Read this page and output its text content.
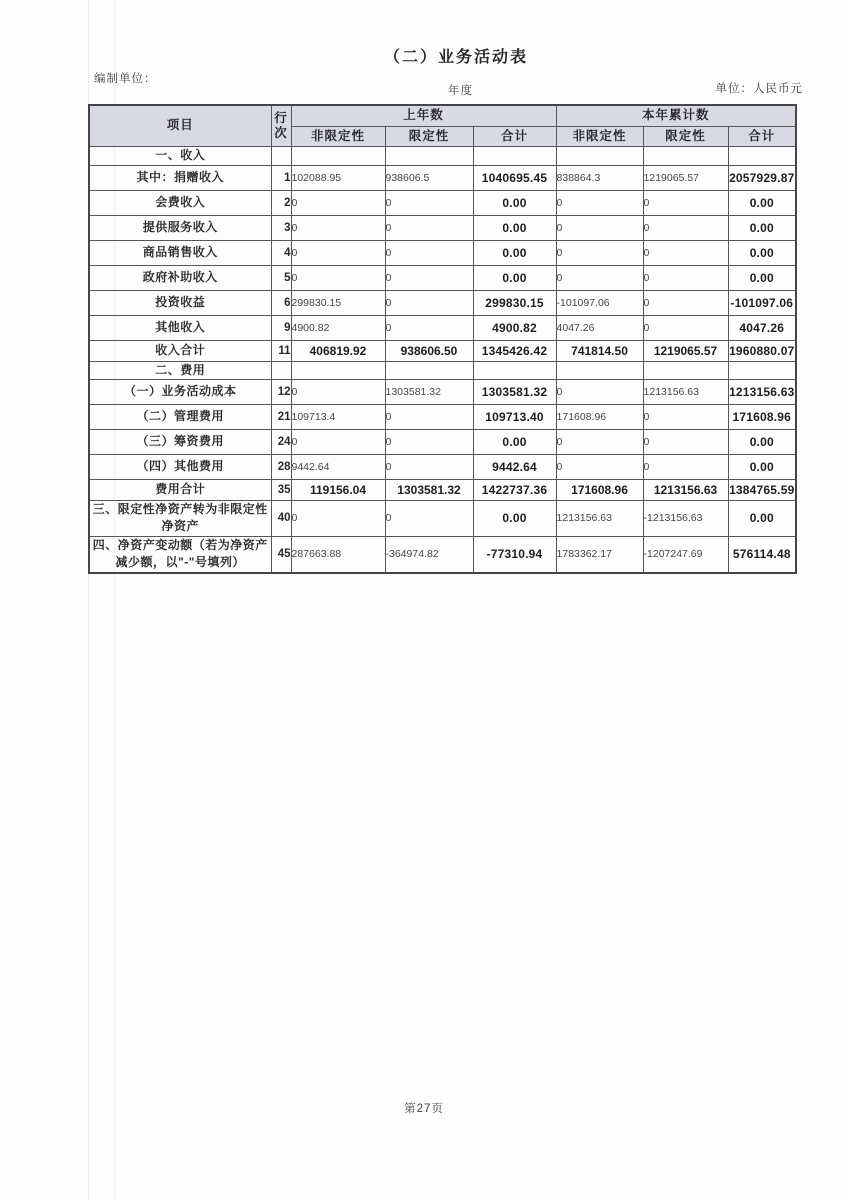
（二）业务活动表
编制单位：
年度	单位：人民币元
项目	行次	上年数			本年累计数		
		非限定性	限定性	合计	非限定性	限定性	合计
一、收入							
其中：捐赠收入	1	102088.95	938606.5	1040695.45	838864.3	1219065.57	2057929.87
会费收入	2	0	0	0.00	0	0	0.00
提供服务收入	3	0	0	0.00	0	0	0.00
商品销售收入	4	0	0	0.00	0	0	0.00
政府补助收入	5	0	0	0.00	0	0	0.00
投资收益	6	299830.15	0	299830.15	-101097.06	0	-101097.06
其他收入	9	4900.82	0	4900.82	4047.26	0	4047.26
收入合计	11	406819.92	938606.50	1345426.42	741814.50	1219065.57	1960880.07
二、费用							
（一）业务活动成本	12	0	1303581.32	1303581.32	0	1213156.63	1213156.63
（二）管理费用	21	109713.4	0	109713.40	171608.96	0	171608.96
（三）筹资费用	24	0	0	0.00	0	0	0.00
（四）其他费用	28	9442.64	0	9442.64	0	0	0.00
费用合计	35	119156.04	1303581.32	1422737.36	171608.96	1213156.63	1384765.59
三、限定性净资产转为非限定性净资产	40	0	0	0.00	1213156.63	-1213156.63	0.00
四、净资产变动额（若为净资产减少额，以"-"号填列）	45	287663.88	-364974.82	-77310.94	1783362.17	-1207247.69	576114.48
第27页
